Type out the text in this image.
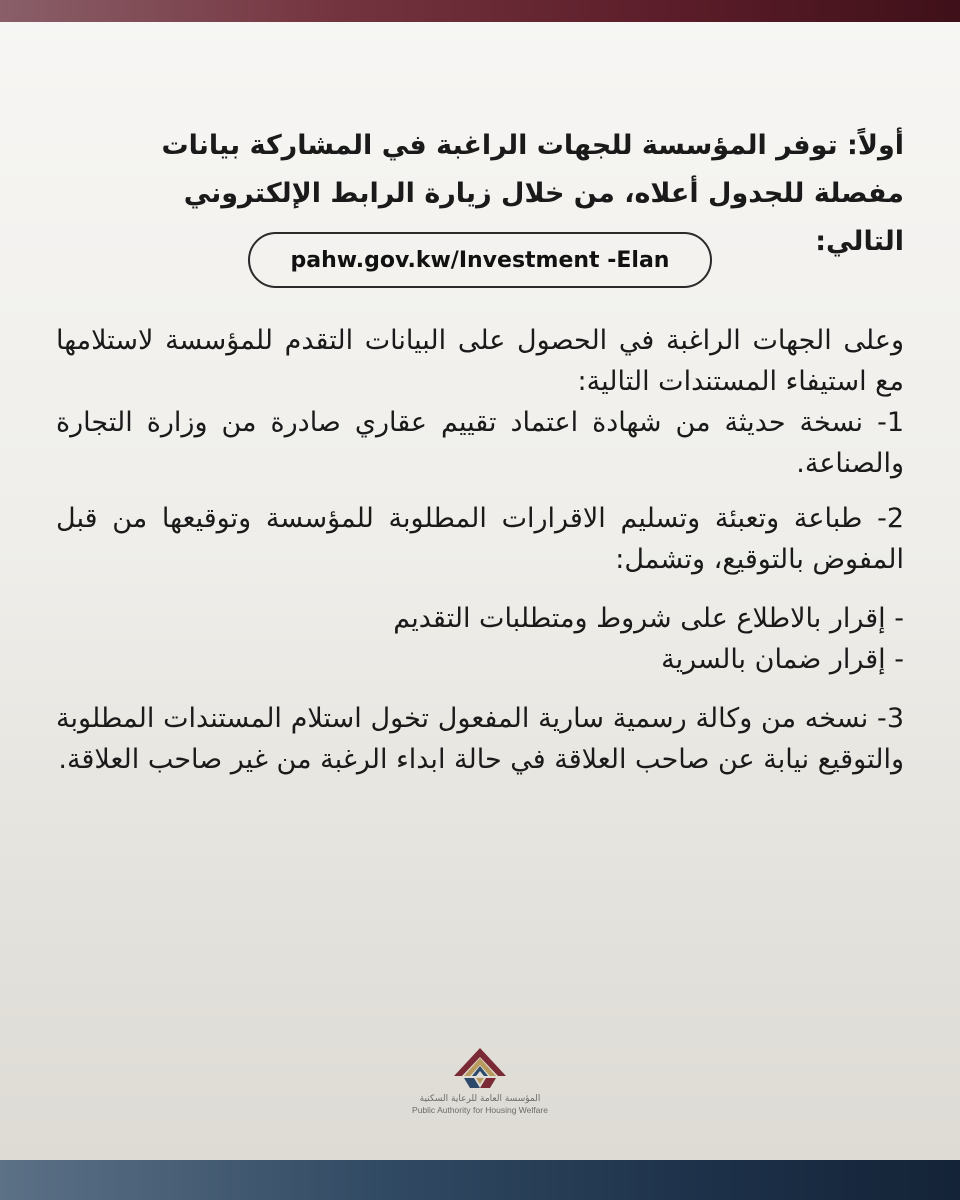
أولاً: توفر المؤسسة للجهات الراغبة في المشاركة بيانات مفصلة للجدول أعلاه، من خلال زيارة الرابط الإلكتروني التالي:

pahw.gov.kw/Investment -Elan

وعلى الجهات الراغبة في الحصول على البيانات التقدم للمؤسسة لاستلامها مع استيفاء المستندات التالية:

1- نسخة حديثة من شهادة اعتماد تقييم عقاري صادرة من وزارة التجارة والصناعة.

2- طباعة وتعبئة وتسليم الاقرارات المطلوبة للمؤسسة وتوقيعها من قبل المفوض بالتوقيع، وتشمل:

- إقرار بالاطلاع على شروط ومتطلبات التقديم

- إقرار ضمان بالسرية

3- نسخه من وكالة رسمية سارية المفعول تخول استلام المستندات المطلوبة والتوقيع نيابة عن صاحب العلاقة في حالة ابداء الرغبة من غير صاحب العلاقة.

المؤسسة العامة للرعاية السكنية
Public Authority for Housing Welfare
